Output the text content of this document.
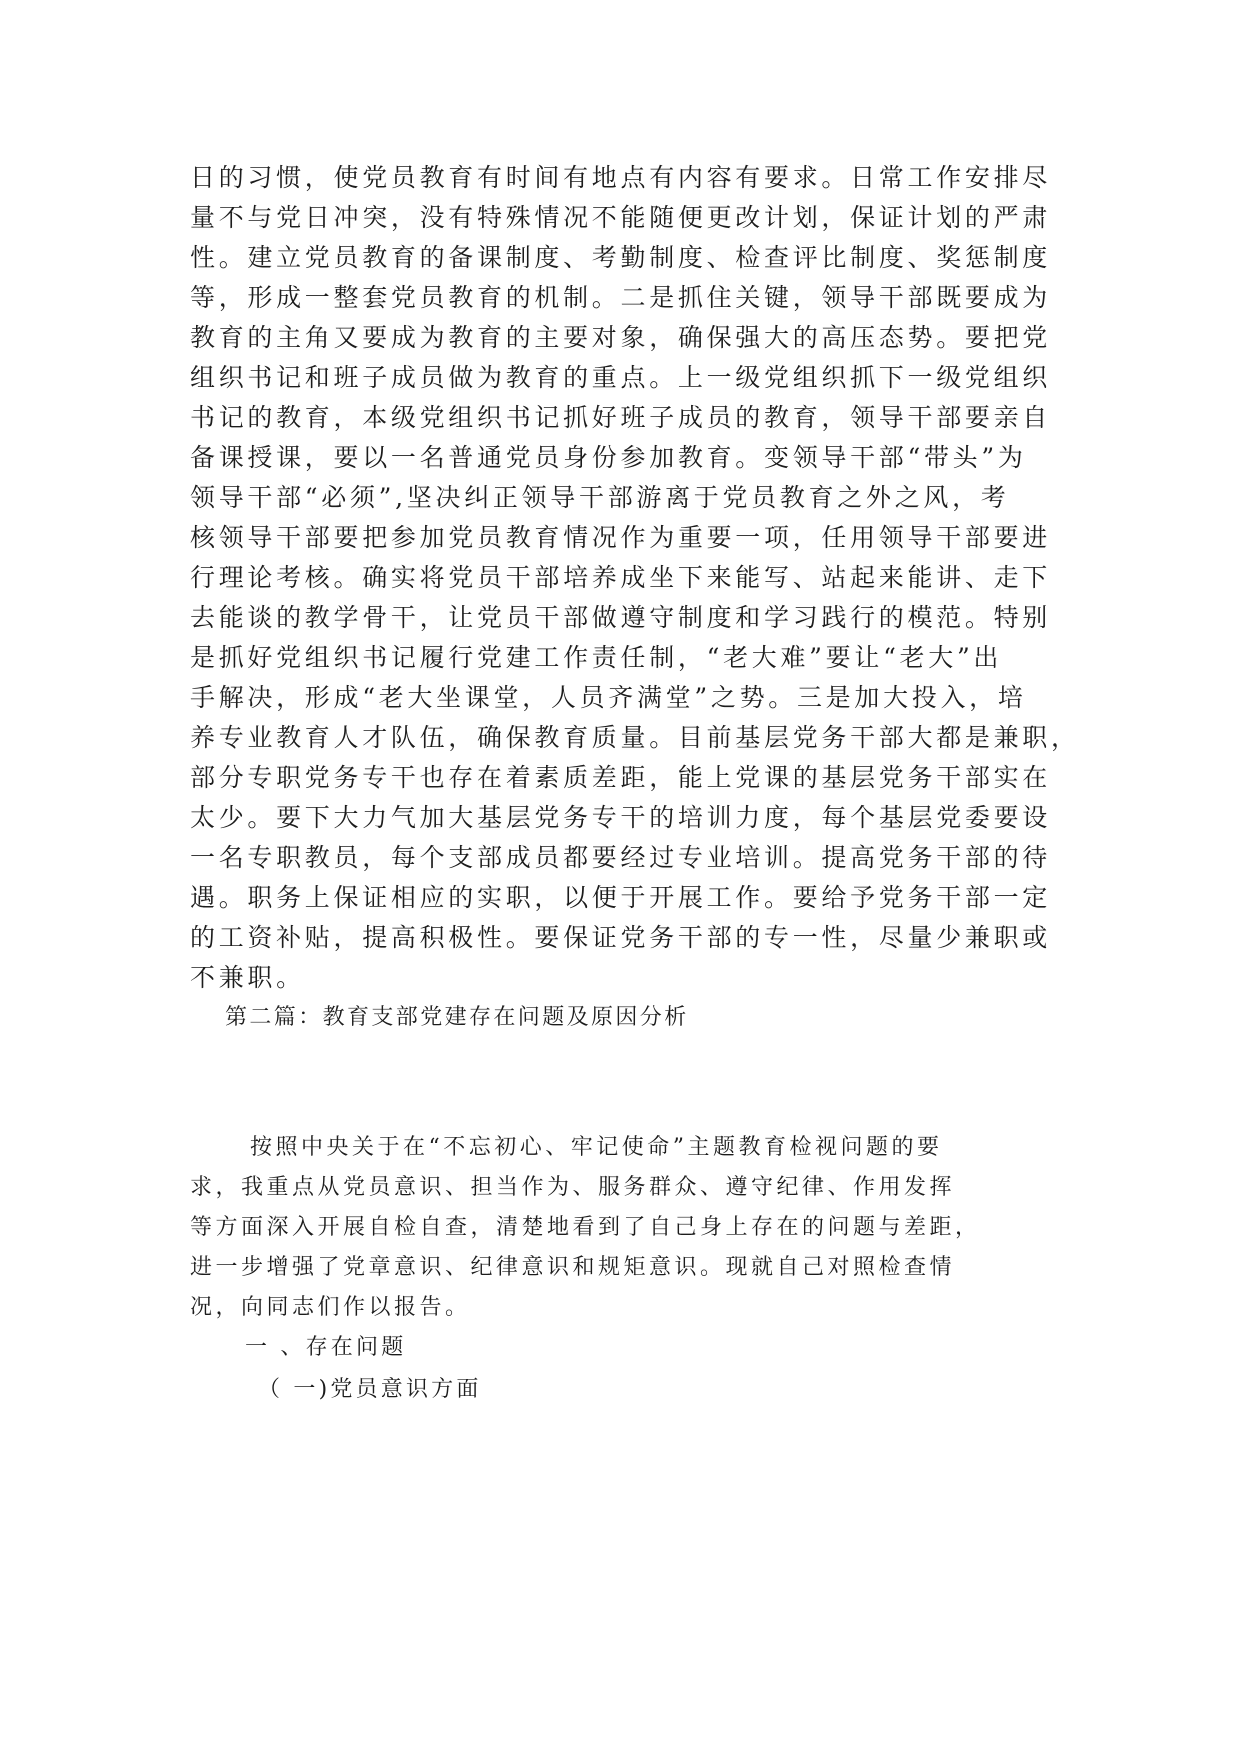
日的习惯，使党员教育有时间有地点有内容有要求。日常工作安排尽
量不与党日冲突，没有特殊情况不能随便更改计划，保证计划的严肃
性。建立党员教育的备课制度、考勤制度、检查评比制度、奖惩制度
等，形成一整套党员教育的机制。二是抓住关键，领导干部既要成为
教育的主角又要成为教育的主要对象，确保强大的高压态势。要把党
组织书记和班子成员做为教育的重点。上一级党组织抓下一级党组织
书记的教育，本级党组织书记抓好班子成员的教育，领导干部要亲自
备课授课，要以一名普通党员身份参加教育。变领导干部“带头”为
领导干部“必须”,坚决纠正领导干部游离于党员教育之外之风，考
核领导干部要把参加党员教育情况作为重要一项，任用领导干部要进
行理论考核。确实将党员干部培养成坐下来能写、站起来能讲、走下
去能谈的教学骨干，让党员干部做遵守制度和学习践行的模范。特别
是抓好党组织书记履行党建工作责任制，“老大难”要让“老大”出
手解决，形成“老大坐课堂，人员齐满堂”之势。三是加大投入，培
养专业教育人才队伍，确保教育质量。目前基层党务干部大都是兼职，
部分专职党务专干也存在着素质差距，能上党课的基层党务干部实在
太少。要下大力气加大基层党务专干的培训力度，每个基层党委要设
一名专职教员，每个支部成员都要经过专业培训。提高党务干部的待
遇。职务上保证相应的实职，以便于开展工作。要给予党务干部一定
的工资补贴，提高积极性。要保证党务干部的专一性，尽量少兼职或
不兼职。
第二篇：教育支部党建存在问题及原因分析
按照中央关于在“不忘初心、牢记使命”主题教育检视问题的要
求，我重点从党员意识、担当作为、服务群众、遵守纪律、作用发挥
等方面深入开展自检自查，清楚地看到了自己身上存在的问题与差距，
进一步增强了党章意识、纪律意识和规矩意识。现就自己对照检查情
况，向同志们作以报告。
一 、存在问题
（ 一)党员意识方面
